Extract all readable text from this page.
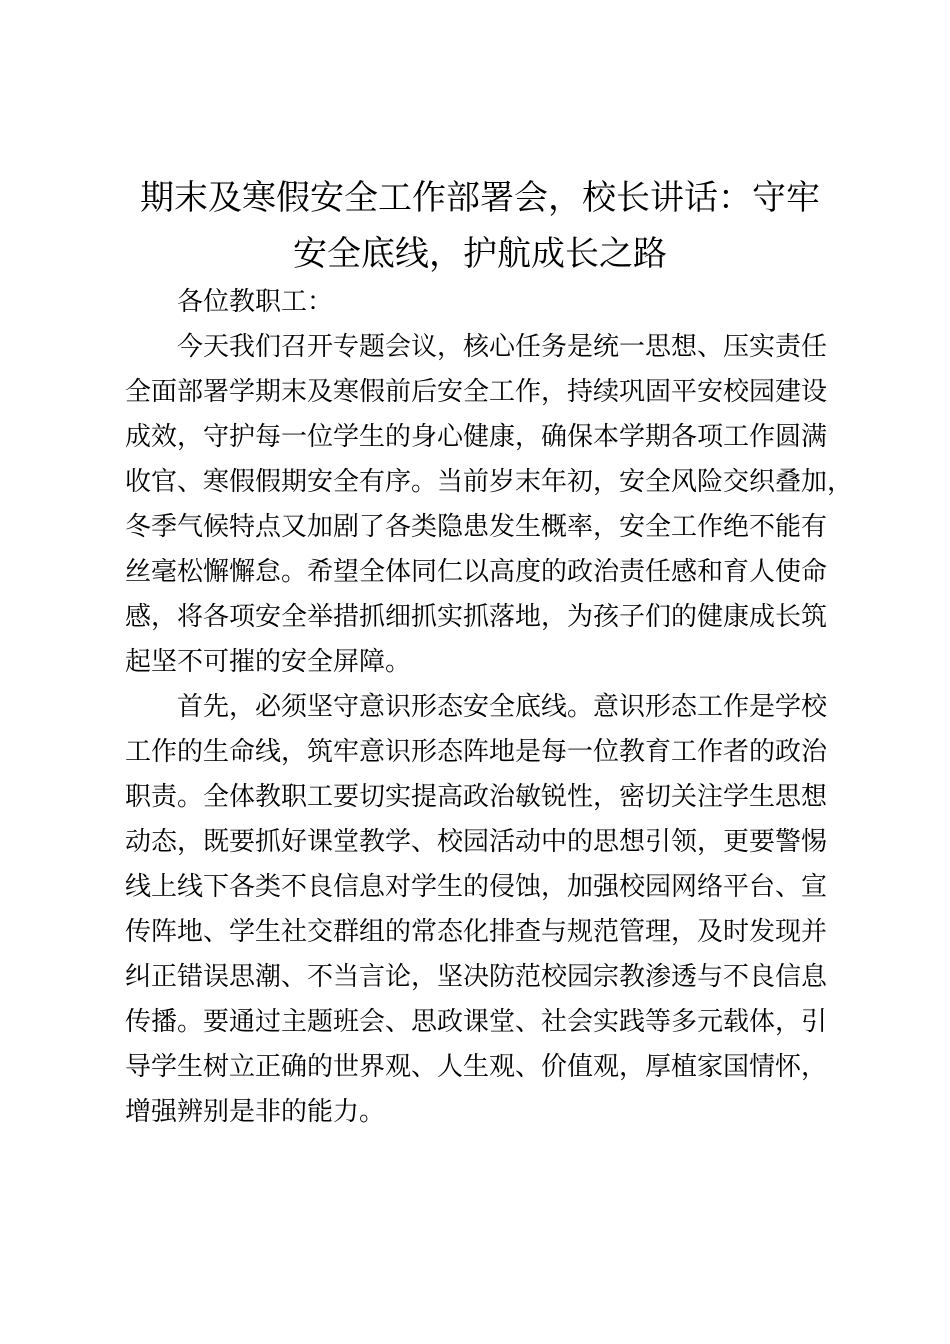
期末及寒假安全工作部署会，校长讲话：守牢
安全底线，护航成长之路
各位教职工：
今天我们召开专题会议，核心任务是统一思想、压实责任
全面部署学期末及寒假前后安全工作，持续巩固平安校园建设
成效，守护每一位学生的身心健康，确保本学期各项工作圆满
收官、寒假假期安全有序。当前岁末年初，安全风险交织叠加，
冬季气候特点又加剧了各类隐患发生概率，安全工作绝不能有
丝毫松懈懈怠。希望全体同仁以高度的政治责任感和育人使命
感，将各项安全举措抓细抓实抓落地，为孩子们的健康成长筑
起坚不可摧的安全屏障。
首先，必须坚守意识形态安全底线。意识形态工作是学校
工作的生命线，筑牢意识形态阵地是每一位教育工作者的政治
职责。全体教职工要切实提高政治敏锐性，密切关注学生思想
动态，既要抓好课堂教学、校园活动中的思想引领，更要警惕
线上线下各类不良信息对学生的侵蚀，加强校园网络平台、宣
传阵地、学生社交群组的常态化排查与规范管理，及时发现并
纠正错误思潮、不当言论，坚决防范校园宗教渗透与不良信息
传播。要通过主题班会、思政课堂、社会实践等多元载体，引
导学生树立正确的世界观、人生观、价值观，厚植家国情怀，
增强辨别是非的能力。
